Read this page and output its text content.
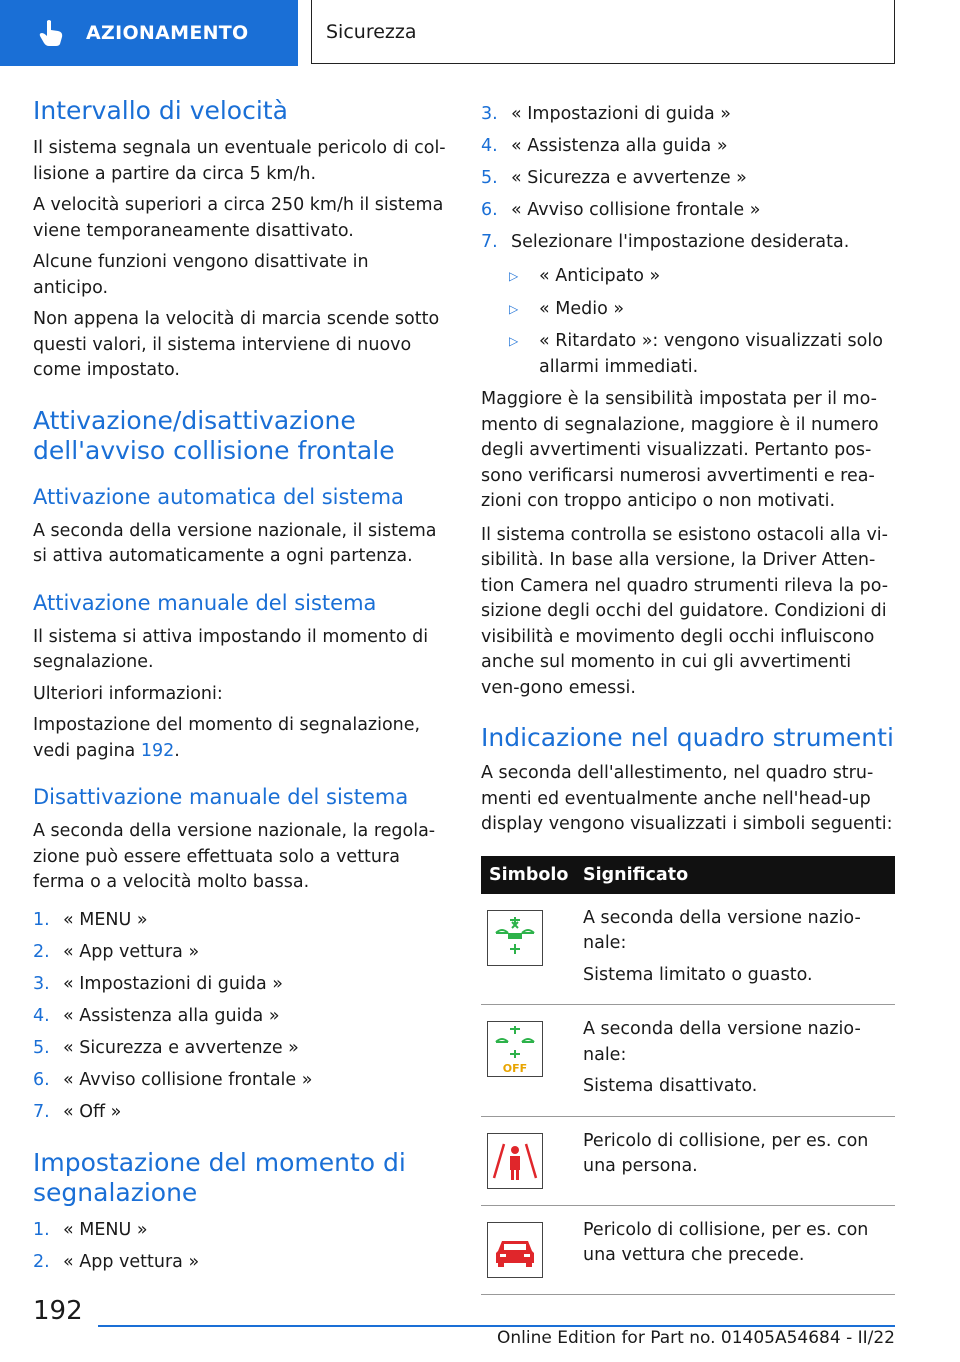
AZIONAMENTO	Sicurezza
Intervallo di velocità

Il sistema segnala un eventuale pericolo di col-lisione a partire da circa 5 km/h.

A velocità superiori a circa 250 km/h il sistema viene temporaneamente disattivato.

Alcune funzioni vengono disattivate in anticipo.

Non appena la velocità di marcia scende sotto questi valori, il sistema interviene di nuovo come impostato.

Attivazione/disattivazione dell'avviso collisione frontale
Attivazione automatica del sistema

A seconda della versione nazionale, il sistema si attiva automaticamente a ogni partenza.

Attivazione manuale del sistema

Il sistema si attiva impostando il momento di segnalazione.

Ulteriori informazioni:

Impostazione del momento di segnalazione, vedi pagina 192.

Disattivazione manuale del sistema

A seconda della versione nazionale, la regola-zione può essere effettuata solo a vettura ferma o a velocità molto bassa.

1. « MENU »
2. « App vettura »
3. « Impostazioni di guida »
4. « Assistenza alla guida »
5. « Sicurezza e avvertenze »
6. « Avviso collisione frontale »
7. « Off »
Impostazione del momento di segnalazione
1. « MENU »
2. « App vettura »
3. « Impostazioni di guida »
4. « Assistenza alla guida »
5. « Sicurezza e avvertenze »
6. « Avviso collisione frontale »
7. Selezionare l'impostazione desiderata.
▷	« Anticipato »
▷	« Medio »
▷	« Ritardato »: vengono visualizzati solo allarmi immediati.

Maggiore è la sensibilità impostata per il mo-mento di segnalazione, maggiore è il numero degli avvertimenti visualizzati. Pertanto pos-sono verificarsi numerosi avvertimenti e rea-zioni con troppo anticipo o non motivati.

Il sistema controlla se esistono ostacoli alla vi-sibilità. In base alla versione, la Driver Atten-tion Camera nel quadro strumenti rileva la po-sizione degli occhi del guidatore. Condizioni di visibilità e movimento degli occhi influiscono anche sul momento in cui gli avvertimenti ven-gono emessi.

Indicazione nel quadro strumenti

A seconda dell'allestimento, nel quadro stru-menti ed eventualmente anche nell'head-up display vengono visualizzati i simboli seguenti:

Simbolo	Significato

A seconda della versione nazio-nale:

Sistema limitato o guasto.

OFF	A seconda della versione nazio-nale:

Sistema disattivato.

Pericolo di collisione, per es. con una persona.

Pericolo di collisione, per es. con una vettura che precede.

192
Online Edition for Part no. 01405A54684 - II/22
